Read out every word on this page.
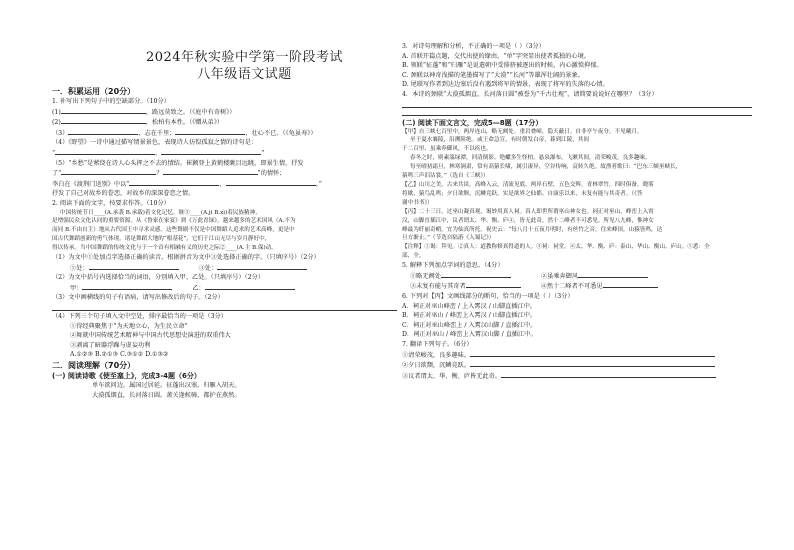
2024年秋实验中学第一阶段考试
八年级语文试题
一．积累运用（20分）
1. 补写出下列句子中的空缺部分。（10分）
(1)	，路远莫致之。（《庭中有奇树》）
(2)	，松柏有本性。（《赠从弟》）
（3）	，志在千里；	，壮心不已。（《龟虽寿》）
（4）《野望》一诗中通过描写情景景色，表现诗人彷徨孤寂之情的诗句是：
“	，	”
（5）“乡愁”是萦绕在诗人心头挥之不去的情结。崔颢登上黄鹤楼眺目远眺，即景生情，抒发
了“	？	”的情怀；
李白在《渡荆门送别》中以“	，	。”
抒发了自己对故乡的眷恋，对故乡的深深眷恋之情。
2. 阅读下面的文字，按要求作答。（10分）
中国传统节日____(A.承袭 B.承载)着文化记忆。继③____(A.ji B.xì)着民族精神，
是增强民众文化认同的重要资源。从《鲁家在家宴》到《万此青绿》，越来越多的艺术国风（A.不为
而同 B.不由自主）地从古代国王中寻求灵感。这些舞剧不仅是中国舞蹈人追求的艺术高峰，更是中
国古代舞蹈创新的勇气体现。诸是舞蹈大地的“根基花”，它们于江山无尽与岁月静好中，
得以传承。当中国舞蹈的传统文化与于一个首有相融有义的历史之际②____(A.主 B.保)动。
（1）为文中①处加点字选择正确的读音，根据拼音为文中③处选择正确的字。（只填序号）（2分）
①处：	③处：
（2）为文中括号内选择恰当的词语，分别填入甲、乙处。（只填序号）（2分）
甲：	乙：
（3）文中画横线的句子有语病，请写出修改后的句子。（2分）
（4）下列三个句子填入文中空处，排序最恰当的一项是（3分）
①得经典聚焦于“为天地立心，为生民立命”
②舞就中国传统艺术精神与中国古代思想史演进的双重伟大
③剥离了暗器浮躁与虚妄功利
A.①②③ B.②①③ C.③①② D.①③②
二．阅读理解（70分）
(一) 阅读诗歌《使至塞上》，完成3-4题（6分）
单车欲问边，属国过居延。征蓬出汉塞，归雁入胡天。
大漠孤烟直，长河落日圆。萧关逢候骑，都护在燕然。
3．对诗句理解和分析，不正确的一项是（ ）（3分）
A. 首联开篇点题，交代出使的缘由。“单”字突显出使者孤独的心境。
B. 领联“征蓬”和“归雁”是说遣朝中受排挤被逐出的时候，内心激愤抑郁。
C. 颈联以神奇浅描的笔墨描写了“大漠”“长河”等雄浑壮阔的景象。
D. 尾联写作者到达边塞后没有遇到将军的情景，表现了将军的失落的心情。
4．本诗的颈联“大漠孤烟直，长河落日圆”被誉为“千古壮观”，请简要说说好在哪里？（3分）
(二) 阅读下面文言文，完成5—8题（17分）
【甲】自三峡七百里中，两岸连山，略无阙处。重岩叠嶂，隐天蔽日。自非亭午夜分，不见曦月。
至于夏水襄陵，沿溯阻绝。或王命急宣，有时朝发白帝，暮到江陵，其间
千二百里，虽乘奔御风，不以疾也。
春冬之时，则素湍绿潭，回清倒影。绝巘多生怪柏，悬泉瀑布，飞漱其间，清荣峻茂，良多趣味。
每至晴初霜旦，林寒涧肃，常有高猿长啸，属引凄异，空谷传响，哀转久绝。故渔者歌曰：“巴东三峡巫峡长，
猿鸣三声泪沾裳。”（选自《三峡》）
【乙】山川之美，古来共谈。高峰入云，清流见底。两岸石壁，五色交辉。青林翠竹，四时俱备。晓雾
将歇，猿鸟乱鸣；夕日欲颓，沉鳞竞跃。实是欲界之仙都。自康乐以来，未复有能与其奇者。（《答
谢中书书》）
【丙】二十三日，过巫山凝真观，谒妙用真人祠。真人即世所谓巫山神女也。祠正对巫山，峰峦上入霄
汉，山脚直插江中，议者谓太、华、衡、庐④，皆无此奇。然十二峰者不可悉见。所见八九峰，惟神女
峰最为纤丽奇峭，宜为仙真所托。祝史云：“每八月十五夜月明时，有丝竹之音，往来峰顶，山猿皆鸣，达
旦方渐止。”（节选自陆游《入蜀记》）
【注释】①谒：拜见。②真人：道教称修真得道的人。③祠：祠堂。④太、华、衡、庐：泰山、华山、衡山、庐山。⑤悉：全
部，全。
5. 解释下列加点字词的意思。（4分）
①略无阙处	②虽乘奔御风
③未复有能与其奇者	④然十二峰者不可悉见
6. 下列对【丙】文画线部分的断句，恰当的一项是（ ）（3分）
A．祠正对巫山峰峦 / 上入霄汉 / 山脚直插江中。
B．祠正对巫山 / 峰峦上入霄汉 / 山脚直插江中。
C．祠正对巫山峰峦上 / 入霄汉山脚 / 直插江中。
D．祠正对巫山 / 峰峦上入霄汉山脚 / 直插江中。
7. 翻译下列句子。（6分）
①清荣峻茂，良多趣味。
②夕日欲颓，沉鳞竞跃。
③议者谓太、华、衡、庐皆无此奇。
